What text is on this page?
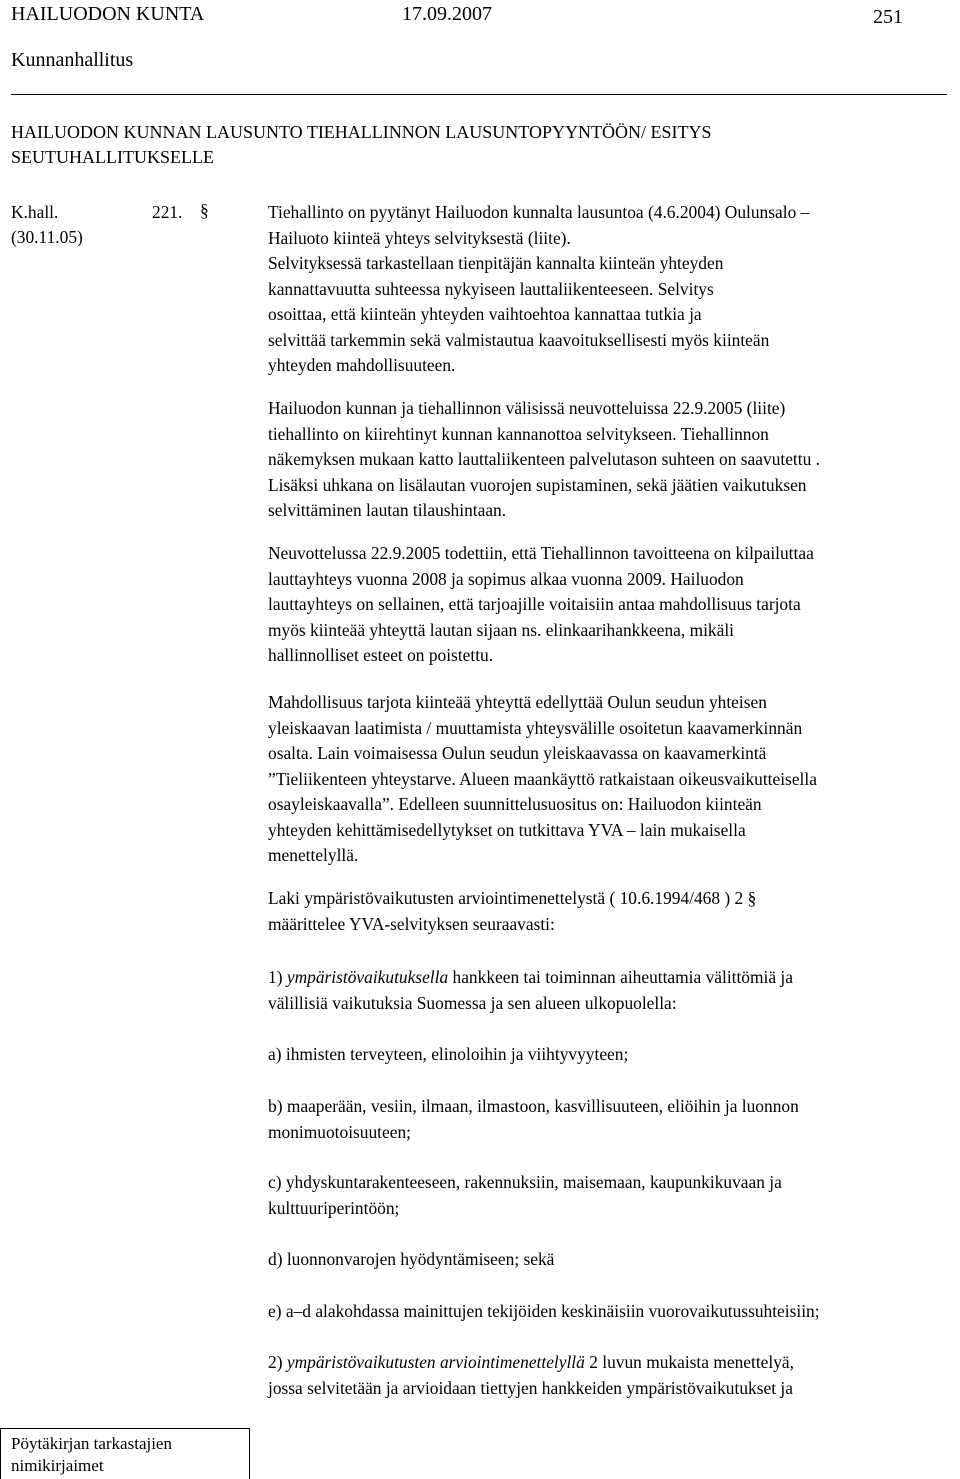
HAILUODON KUNTA	17.09.2007	251
Kunnanhallitus
HAILUODON KUNNAN LAUSUNTO TIEHALLINNON LAUSUNTOPYYNTÖÖN/ ESITYS
SEUTUHALLITUKSELLE
K.hall.
(30.11.05)
221. §	Tiehallinto on pyytänyt Hailuodon kunnalta lausuntoa (4.6.2004) Oulunsalo –
Hailuoto kiinteä yhteys selvityksestä (liite).
Selvityksessä tarkastellaan tienpitäjän kannalta kiinteän yhteyden
kannattavuutta suhteessa nykyiseen lauttaliikenteeseen. Selvitys
osoittaa, että kiinteän yhteyden vaihtoehtoa kannattaa tutkia ja
selvittää tarkemmin sekä valmistautua kaavoituksellisesti myös kiinteän
yhteyden mahdollisuuteen.
Hailuodon kunnan ja tiehallinnon välisissä neuvotteluissa 22.9.2005 (liite)
tiehallinto on kiirehtinyt kunnan kannanottoa selvitykseen. Tiehallinnon
näkemyksen mukaan katto lauttaliikenteen palvelutason suhteen on saavutettu .
Lisäksi uhkana on lisälautan vuorojen supistaminen, sekä jäätien vaikutuksen
selvittäminen lautan tilaushintaan.
Neuvottelussa 22.9.2005 todettiin, että Tiehallinnon tavoitteena on kilpailuttaa
lauttayhteys vuonna 2008 ja sopimus alkaa vuonna 2009. Hailuodon
lauttayhteys on sellainen, että tarjoajille voitaisiin antaa mahdollisuus tarjota
myös kiinteää yhteyttä lautan sijaan ns. elinkaarihankkeena, mikäli
hallinnolliset esteet on poistettu.
Mahdollisuus tarjota kiinteää yhteyttä edellyttää Oulun seudun yhteisen
yleiskaavan laatimista / muuttamista yhteysvälille osoitetun kaavamerkinnän
osalta. Lain voimaisessa Oulun seudun yleiskaavassa on kaavamerkintä
”Tieliikenteen yhteystarve. Alueen maankäyttö ratkaistaan oikeusvaikutteisella
osayleiskaavalla”. Edelleen suunnittelusuositus on: Hailuodon kiinteän
yhteyden kehittämisedellytykset on tutkittava YVA – lain mukaisella
menettelyllä.
Laki ympäristövaikutusten arviointimenettelystä ( 10.6.1994/468 ) 2 §
määrittelee YVA-selvityksen seuraavasti:
1) ympäristövaikutuksella hankkeen tai toiminnan aiheuttamia välittömiä ja
välillisiä vaikutuksia Suomessa ja sen alueen ulkopuolella:
a) ihmisten terveyteen, elinoloihin ja viihtyvyyteen;
b) maaperään, vesiin, ilmaan, ilmastoon, kasvillisuuteen, eliöihin ja luonnon
monimuotoisuuteen;
c) yhdyskuntarakenteeseen, rakennuksiin, maisemaan, kaupunkikuvaan ja
kulttuuriperintöön;
d) luonnonvarojen hyödyntämiseen; sekä
e) a–d alakohdassa mainittujen tekijöiden keskinäisiin vuorovaikutussuhteisiin;
2) ympäristövaikutusten arviointimenettelyllä 2 luvun mukaista menettelyä,
jossa selvitetään ja arvioidaan tiettyjen hankkeiden ympäristövaikutukset ja
Pöytäkirjan tarkastajien
nimikirjaimet
